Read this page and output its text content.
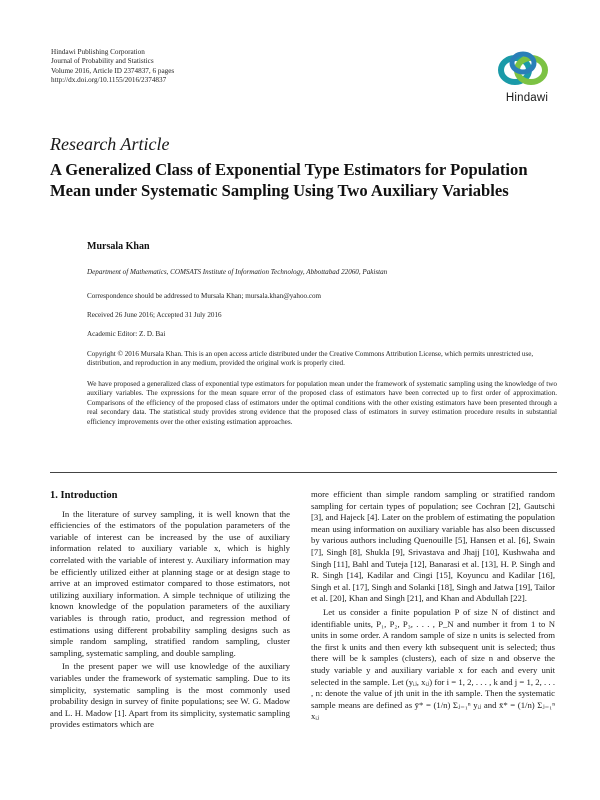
Hindawi Publishing Corporation
Journal of Probability and Statistics
Volume 2016, Article ID 2374837, 6 pages
http://dx.doi.org/10.1155/2016/2374837
Hindawi
Research Article
A Generalized Class of Exponential Type Estimators for Population Mean under Systematic Sampling Using Two Auxiliary Variables
Mursala Khan
Department of Mathematics, COMSATS Institute of Information Technology, Abbottabad 22060, Pakistan
Correspondence should be addressed to Mursala Khan; mursala.khan@yahoo.com
Received 26 June 2016; Accepted 31 July 2016
Academic Editor: Z. D. Bai
Copyright © 2016 Mursala Khan. This is an open access article distributed under the Creative Commons Attribution License, which permits unrestricted use, distribution, and reproduction in any medium, provided the original work is properly cited.
We have proposed a generalized class of exponential type estimators for population mean under the framework of systematic sampling using the knowledge of two auxiliary variables. The expressions for the mean square error of the proposed class of estimators have been corrected up to first order of approximation. Comparisons of the efficiency of the proposed class of estimators under the optimal conditions with the other existing estimators have been presented through a real secondary data. The statistical study provides strong evidence that the proposed class of estimators in survey estimation procedure results in substantial efficiency improvements over the other existing estimation approaches.
1. Introduction

In the literature of survey sampling, it is well known that the efficiencies of the estimators of the population parameters of the variable of interest can be increased by the use of auxiliary information related to auxiliary variable x, which is highly correlated with the variable of interest y. Auxiliary information may be efficiently utilized either at planning stage or at design stage to arrive at an improved estimator compared to those estimators, not utilizing auxiliary information. A simple technique of utilizing the known knowledge of the population parameters of the auxiliary variables is through ratio, product, and regression method of estimations using different probability sampling designs such as simple random sampling, stratified random sampling, cluster sampling, systematic sampling, and double sampling.

In the present paper we will use knowledge of the auxiliary variables under the framework of systematic sampling. Due to its simplicity, systematic sampling is the most commonly used probability design in survey of finite populations; see W. G. Madow and L. H. Madow [1]. Apart from its simplicity, systematic sampling provides estimators which are

more efficient than simple random sampling or stratified random sampling for certain types of population; see Cochran [2], Gautschi [3], and Hajeck [4]. Later on the problem of estimating the population mean using information on auxiliary variable has also been discussed by various authors including Quenouille [5], Hansen et al. [6], Swain [7], Singh [8], Shukla [9], Srivastava and Jhajj [10], Kushwaha and Singh [11], Bahl and Tuteja [12], Banarasi et al. [13], H. P. Singh and R. Singh [14], Kadilar and Cingi [15], Koyuncu and Kadilar [16], Singh et al. [17], Singh and Solanki [18], Singh and Jatwa [19], Tailor et al. [20], Khan and Singh [21], and Khan and Abdullah [22].

Let us consider a finite population P of size N of distinct and identifiable units, P₁, P₂, P₃, . . . , P_N and number it from 1 to N units in some order. A random sample of size n units is selected from the first k units and then every kth subsequent unit is selected; thus there will be k samples (clusters), each of size n and observe the study variable y and auxiliary variable x for each and every unit selected in the sample. Let (yᵢⱼ, xᵢⱼ) for i = 1, 2, . . . , k and j = 1, 2, . . . , n: denote the value of jth unit in the ith sample. Then the systematic sample means are defined as ȳ* = (1/n) Σⱼ₌₁ⁿ yᵢⱼ and x̄* = (1/n) Σⱼ₌₁ⁿ xᵢⱼ
